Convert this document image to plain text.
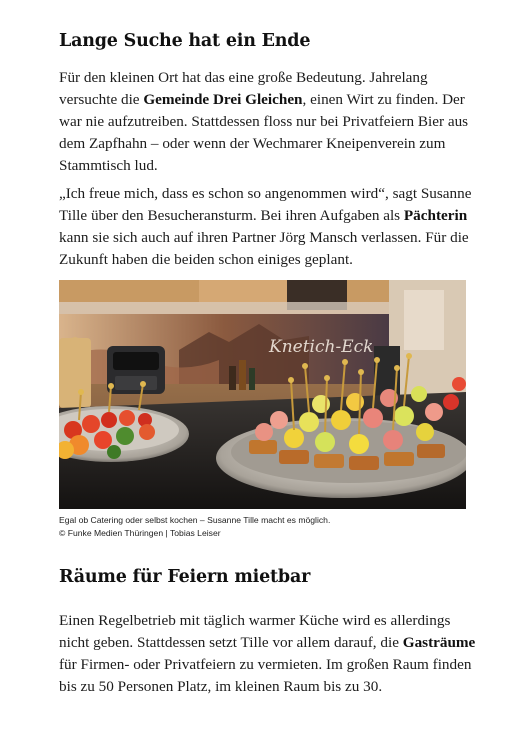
Lange Suche hat ein Ende

Für den kleinen Ort hat das eine große Bedeutung. Jahrelang versuchte die Gemeinde Drei Gleichen, einen Wirt zu finden. Der war nie aufzutreiben. Stattdessen floss nur bei Privatfeiern Bier aus dem Zapfhahn – oder wenn der Wechmarer Kneipenverein zum Stammtisch lud.

„Ich freue mich, dass es schon so angenommen wird“, sagt Susanne Tille über den Besucheransturm. Bei ihren Aufgaben als Pächterin kann sie sich auch auf ihren Partner Jörg Mansch verlassen. Für die Zukunft haben die beiden schon einiges geplant.

Knetich-Eck
Egal ob Catering oder selbst kochen – Susanne Tille macht es möglich.
© Funke Medien Thüringen | Tobias Leiser
Räume für Feiern mietbar

Einen Regelbetrieb mit täglich warmer Küche wird es allerdings nicht geben. Stattdessen setzt Tille vor allem darauf, die Gasträume für Firmen- oder Privatfeiern zu vermieten. Im großen Raum finden bis zu 50 Personen Platz, im kleinen Raum bis zu 30.
